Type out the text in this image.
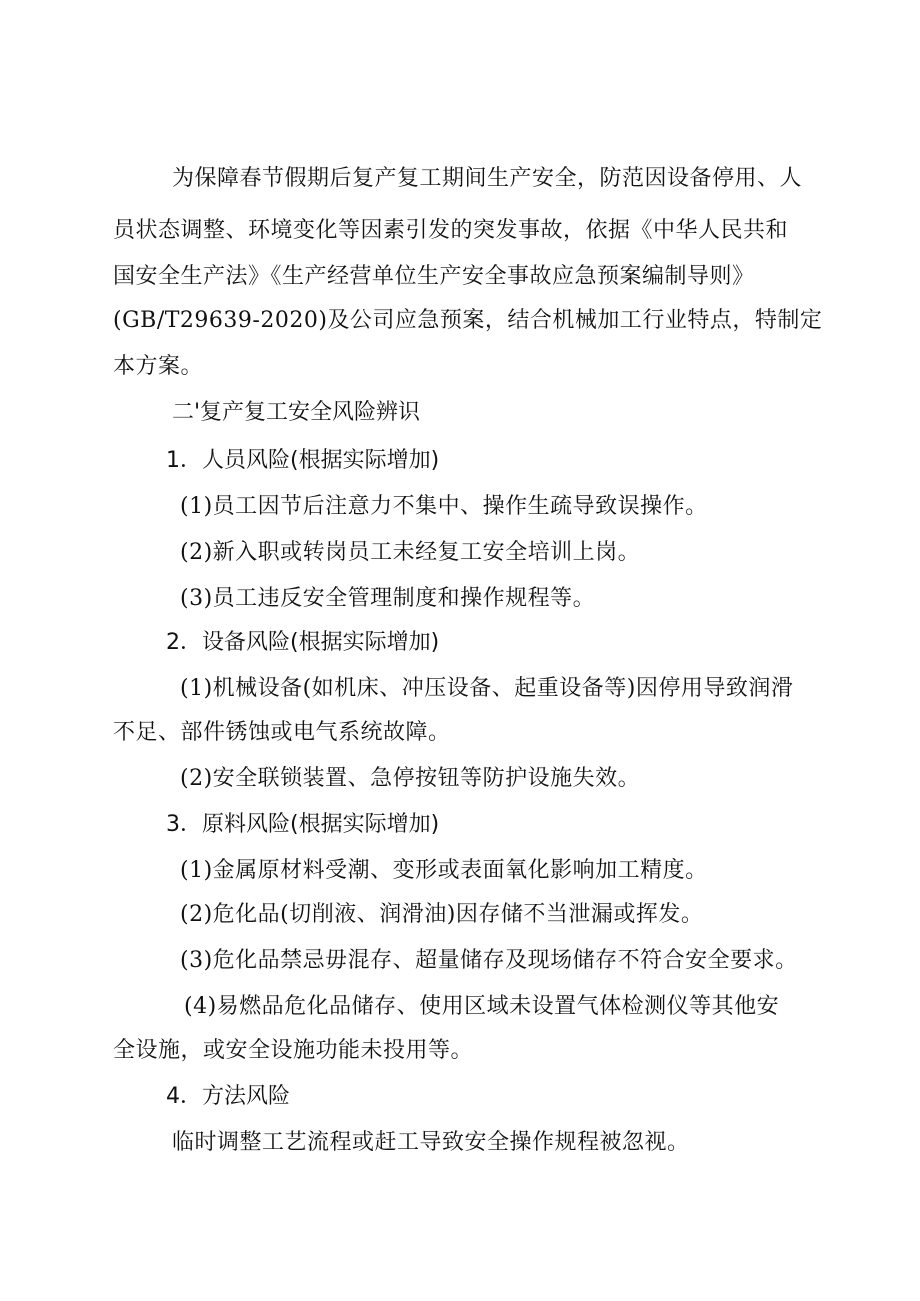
为保障春节假期后复产复工期间生产安全，防范因设备停用、人
员状态调整、环境变化等因素引发的突发事故，依据《中华人民共和
国安全生产法》《生产经营单位生产安全事故应急预案编制导则》
(GB/T29639-2020)及公司应急预案，结合机械加工行业特点，特制定
本方案。
二'复产复工安全风险辨识
1．人员风险(根据实际增加)
(1)员工因节后注意力不集中、操作生疏导致误操作。
(2)新入职或转岗员工未经复工安全培训上岗。
(3)员工违反安全管理制度和操作规程等。
2．设备风险(根据实际增加)
(1)机械设备(如机床、冲压设备、起重设备等)因停用导致润滑
不足、部件锈蚀或电气系统故障。
(2)安全联锁装置、急停按钮等防护设施失效。
3．原料风险(根据实际增加)
(1)金属原材料受潮、变形或表面氧化影响加工精度。
(2)危化品(切削液、润滑油)因存储不当泄漏或挥发。
(3)危化品禁忌毋混存、超量储存及现场储存不符合安全要求。
(4)易燃品危化品储存、使用区域未设置气体检测仪等其他安
全设施，或安全设施功能未投用等。
4．方法风险
临时调整工艺流程或赶工导致安全操作规程被忽视。
